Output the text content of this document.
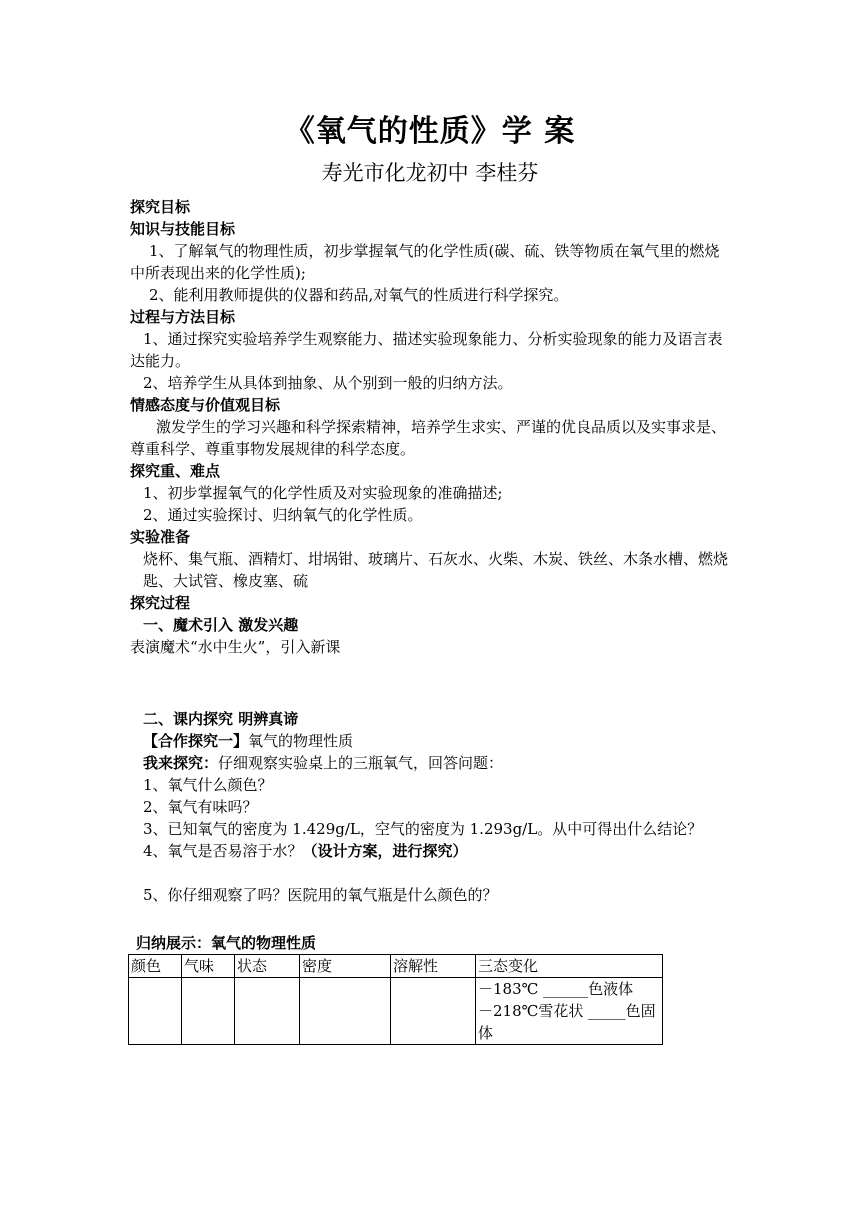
《氧气的性质》学 案
寿光市化龙初中 李桂芬

探究目标

知识与技能目标

1、了解氧气的物理性质，初步掌握氧气的化学性质(碳、硫、铁等物质在氧气里的燃烧中所表现出来的化学性质);

2、能利用教师提供的仪器和药品,对氧气的性质进行科学探究。

过程与方法目标

1、通过探究实验培养学生观察能力、描述实验现象能力、分析实验现象的能力及语言表达能力。

2、培养学生从具体到抽象、从个别到一般的归纳方法。

情感态度与价值观目标

激发学生的学习兴趣和科学探索精神，培养学生求实、严谨的优良品质以及实事求是、尊重科学、尊重事物发展规律的科学态度。

探究重、难点

1、初步掌握氧气的化学性质及对实验现象的准确描述;

2、通过实验探讨、归纳氧气的化学性质。

实验准备

烧杯、集气瓶、酒精灯、坩埚钳、玻璃片、石灰水、火柴、木炭、铁丝、木条水槽、燃烧匙、大试管、橡皮塞、硫

探究过程

一、魔术引入 激发兴趣

表演魔术“水中生火”，引入新课

二、课内探究 明辨真谛

【合作探究一】氧气的物理性质

我来探究：仔细观察实验桌上的三瓶氧气，回答问题：

1、氧气什么颜色？

2、氧气有味吗？

3、已知氧气的密度为 1.429g/L，空气的密度为 1.293g/L。从中可得出什么结论？

4、氧气是否易溶于水？（设计方案，进行探究）

5、你仔细观察了吗？医院用的氧气瓶是什么颜色的？

归纳展示：氧气的物理性质

颜色	气味	状态	密度	溶解性	三态变化

					－183℃ ______色液体
－218℃雪花状 _____色固体
